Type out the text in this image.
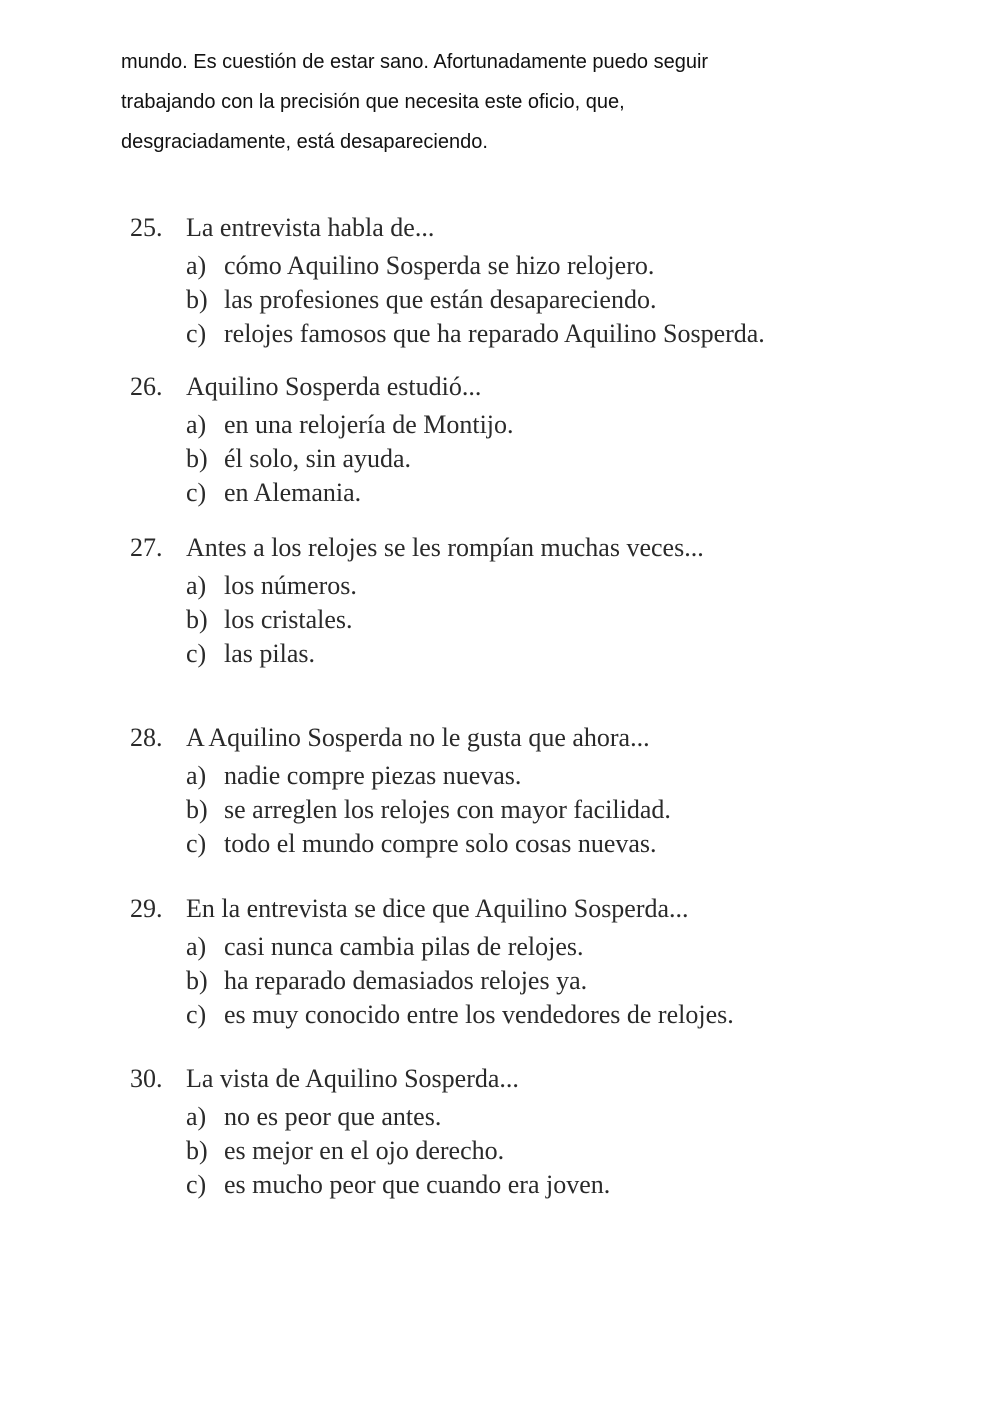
mundo. Es cuestión de estar sano. Afortunadamente puedo seguir
trabajando con la precisión que necesita este oficio, que,
desgraciadamente, está desapareciendo.
25. La entrevista habla de...
a) cómo Aquilino Sosperda se hizo relojero.
b) las profesiones que están desapareciendo.
c) relojes famosos que ha reparado Aquilino Sosperda.
26. Aquilino Sosperda estudió...
a) en una relojería de Montijo.
b) él solo, sin ayuda.
c) en Alemania.
27. Antes a los relojes se les rompían muchas veces...
a) los números.
b) los cristales.
c) las pilas.
28. A Aquilino Sosperda no le gusta que ahora...
a) nadie compre piezas nuevas.
b) se arreglen los relojes con mayor facilidad.
c) todo el mundo compre solo cosas nuevas.
29. En la entrevista se dice que Aquilino Sosperda...
a) casi nunca cambia pilas de relojes.
b) ha reparado demasiados relojes ya.
c) es muy conocido entre los vendedores de relojes.
30. La vista de Aquilino Sosperda...
a) no es peor que antes.
b) es mejor en el ojo derecho.
c) es mucho peor que cuando era joven.
